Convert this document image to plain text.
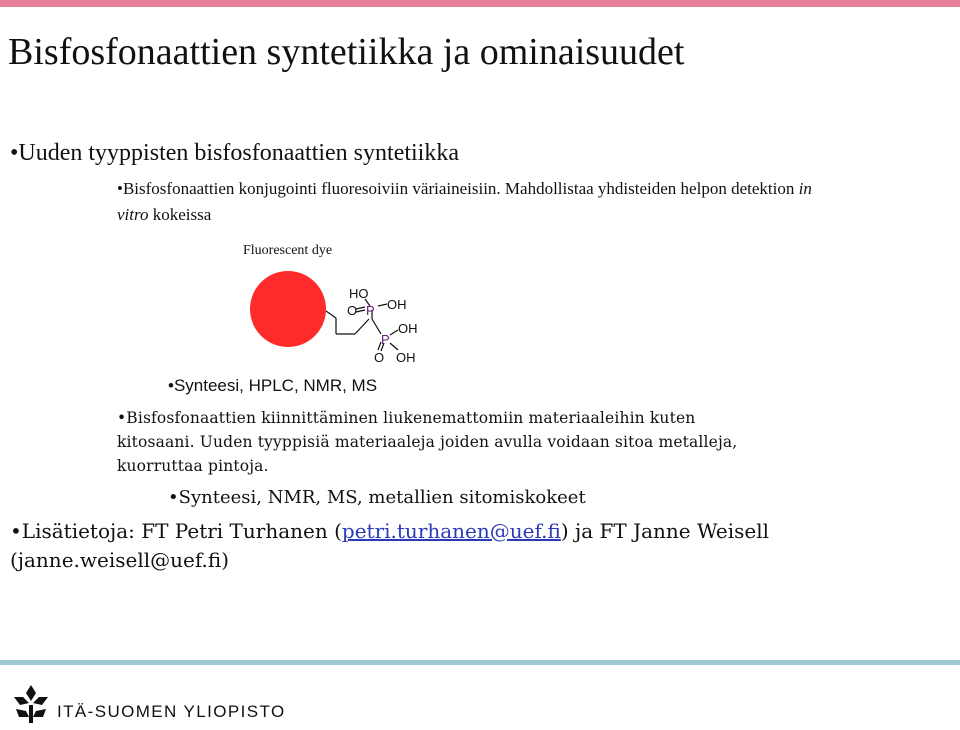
Bisfosfonaattien syntetiikka ja ominaisuudet
•Uuden tyyppisten bisfosfonaattien syntetiikka
•Bisfosfonaattien konjugointi fluoresoiviin väriaineisiin. Mahdollistaa yhdisteiden helpon detektion in vitro kokeissa
Fluorescent dye
HO
O P OH
P
OH
O OH
•Synteesi, HPLC, NMR, MS
•Bisfosfonaattien kiinnittäminen liukenemattomiin materiaaleihin kuten kitosaani. Uuden tyyppisiä materiaaleja joiden avulla voidaan sitoa metalleja, kuorruttaa pintoja.
•Synteesi, NMR, MS, metallien sitomiskokeet
•Lisätietoja: FT Petri Turhanen (petri.turhanen@uef.fi) ja FT Janne Weisell (janne.weisell@uef.fi)
ITÄ-SUOMEN YLIOPISTO
